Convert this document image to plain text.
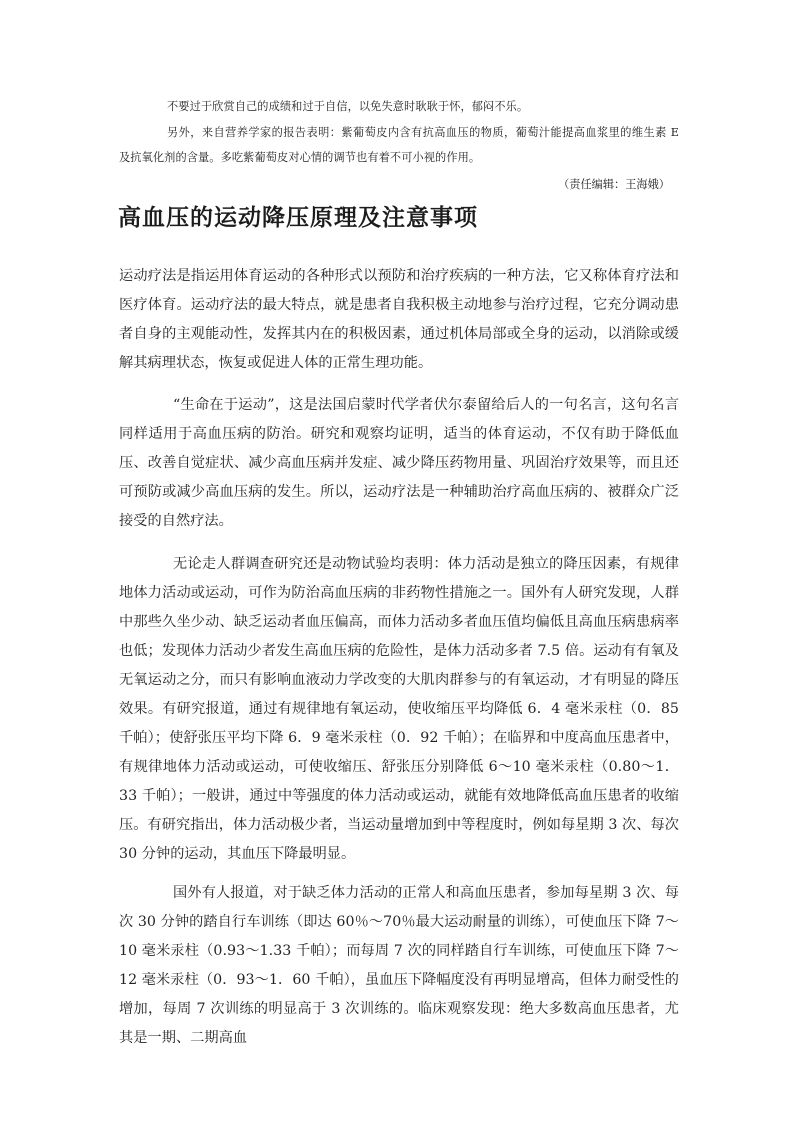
不要过于欣赏自己的成绩和过于自信，以免失意时耿耿于怀，郁闷不乐。

另外，来自营养学家的报告表明：紫葡萄皮内含有抗高血压的物质，葡萄汁能提高血浆里的维生素 E 及抗氧化剂的含量。多吃紫葡萄皮对心情的调节也有着不可小视的作用。

（责任编辑：王海娥）

高血压的运动降压原理及注意事项

运动疗法是指运用体育运动的各种形式以预防和治疗疾病的一种方法，它又称体育疗法和医疗体育。运动疗法的最大特点，就是患者自我积极主动地参与治疗过程，它充分调动患者自身的主观能动性，发挥其内在的积极因素，通过机体局部或全身的运动，以消除或缓解其病理状态，恢复或促进人体的正常生理功能。

“生命在于运动”，这是法国启蒙时代学者伏尔泰留给后人的一句名言，这句名言同样适用于高血压病的防治。研究和观察均证明，适当的体育运动，不仅有助于降低血压、改善自觉症状、减少高血压病并发症、减少降压药物用量、巩固治疗效果等，而且还可预防或减少高血压病的发生。所以，运动疗法是一种辅助治疗高血压病的、被群众广泛接受的自然疗法。

无论走人群调查研究还是动物试验均表明：体力活动是独立的降压因素，有规律地体力活动或运动，可作为防治高血压病的非药物性措施之一。国外有人研究发现，人群中那些久坐少动、缺乏运动者血压偏高，而体力活动多者血压值均偏低且高血压病患病率也低；发现体力活动少者发生高血压病的危险性，是体力活动多者 7.5 倍。运动有有氧及无氧运动之分，而只有影响血液动力学改变的大肌肉群参与的有氧运动，才有明显的降压效果。有研究报道，通过有规律地有氧运动，使收缩压平均降低 6．4 毫米汞柱（0．85 千帕）；使舒张压平均下降 6．9 毫米汞柱（0．92 千帕）；在临界和中度高血压患者中，有规律地体力活动或运动，可使收缩压、舒张压分别降低 6～10 毫米汞柱（0.80～1．33 千帕）；一般讲，通过中等强度的体力活动或运动，就能有效地降低高血压患者的收缩压。有研究指出，体力活动极少者，当运动量增加到中等程度时，例如每星期 3 次、每次 30 分钟的运动，其血压下降最明显。

国外有人报道，对于缺乏体力活动的正常人和高血压患者，参加每星期 3 次、每次 30 分钟的踏自行车训练（即达 60％～70％最大运动耐量的训练），可使血压下降 7～10 毫米汞柱（0.93～1.33 千帕）；而每周 7 次的同样踏自行车训练，可使血压下降 7～12 毫米汞柱（0．93～1．60 千帕），虽血压下降幅度没有再明显增高，但体力耐受性的增加，每周 7 次训练的明显高于 3 次训练的。临床观察发现：绝大多数高血压患者，尤其是一期、二期高血
